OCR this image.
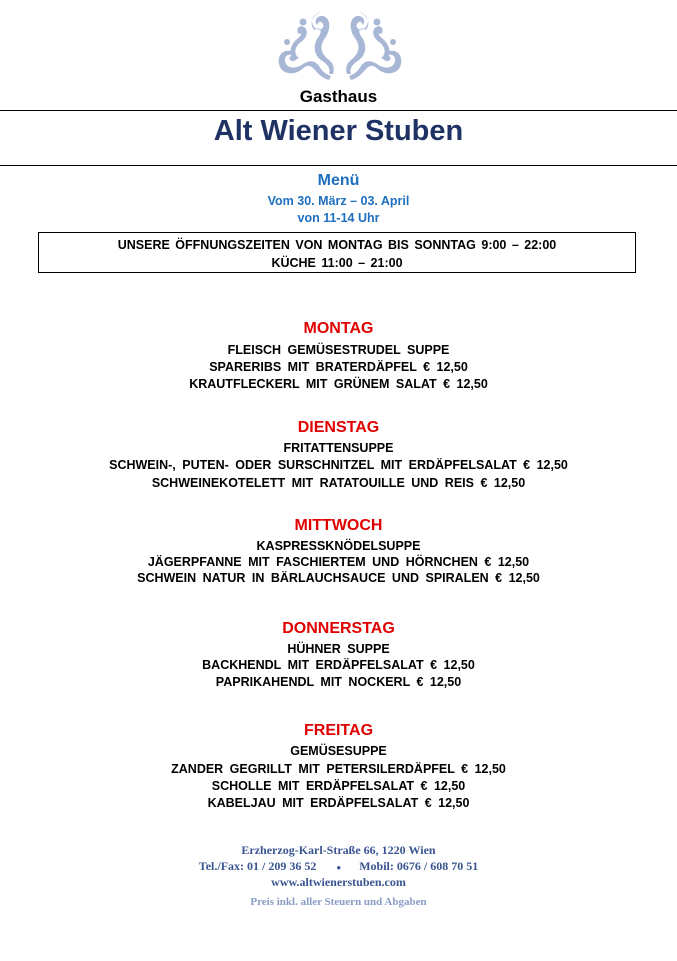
Gasthaus
Alt Wiener Stuben
Menü
Vom 30. März – 03. April
von 11-14 Uhr
UNSERE ÖFFNUNGSZEITEN VON MONTAG BIS SONNTAG 9:00 – 22:00
KÜCHE 11:00 – 21:00
MONTAG
FLEISCH GEMÜSESTRUDEL SUPPE
SPARERIBS MIT BRATERDÄPFEL € 12,50
KRAUTFLECKERL MIT GRÜNEM SALAT € 12,50
DIENSTAG
FRITATTENSUPPE
SCHWEIN-, PUTEN- ODER SURSCHNITZEL MIT ERDÄPFELSALAT € 12,50
SCHWEINEKOTELETT MIT RATATOUILLE UND REIS € 12,50
MITTWOCH
KASPRESSKNÖDELSUPPE
JÄGERPFANNE MIT FASCHIERTEM UND HÖRNCHEN € 12,50
SCHWEIN NATUR IN BÄRLAUCHSAUCE UND SPIRALEN € 12,50
DONNERSTAG
HÜHNER SUPPE
BACKHENDL MIT ERDÄPFELSALAT € 12,50
PAPRIKAHENDL MIT NOCKERL € 12,50
FREITAG
GEMÜSESUPPE
ZANDER GEGRILLT MIT PETERSILERDÄPFEL € 12,50
SCHOLLE MIT ERDÄPFELSALAT € 12,50
KABELJAU MIT ERDÄPFELSALAT € 12,50
Erzherzog-Karl-Straße 66, 1220 Wien
Tel./Fax: 01 / 209 36 52	● Mobil: 0676 / 608 70 51
www.altwienerstuben.com
Preis inkl. aller Steuern und Abgaben
